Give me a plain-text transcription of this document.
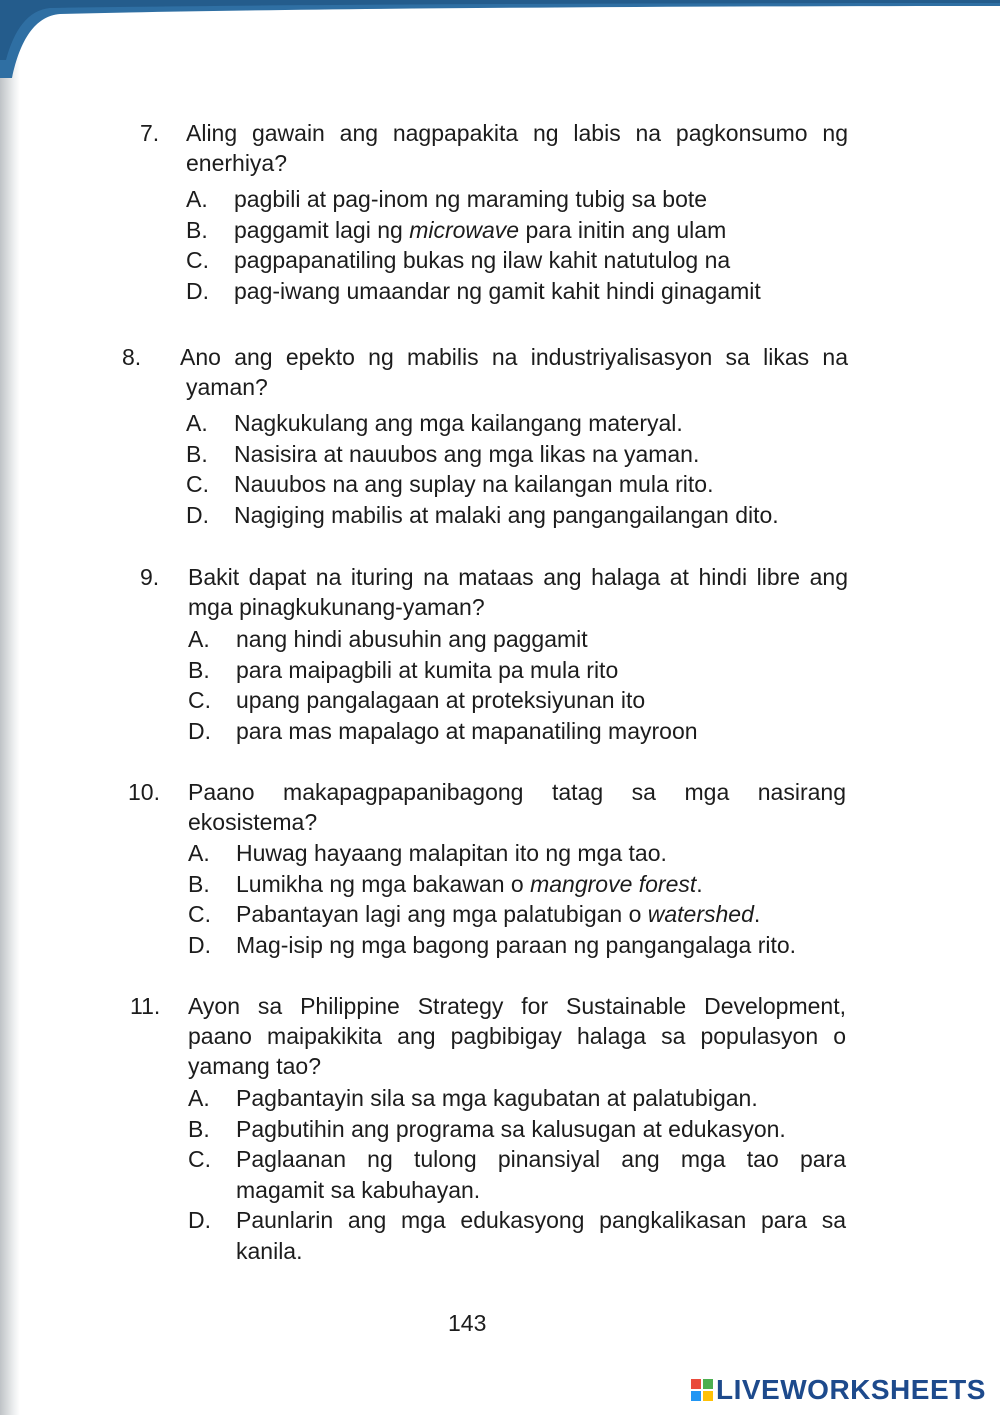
7. Aling gawain ang nagpapakita ng labis na pagkonsumo ng
enerhiya?
A.	pagbili at pag-inom ng maraming tubig sa bote
B.	paggamit lagi ng microwave para initin ang ulam
C.	pagpapanatiling bukas ng ilaw kahit natutulog na
D.	pag-iwang umaandar ng gamit kahit hindi ginagamit
8. Ano ang epekto ng mabilis na industriyalisasyon sa likas na
yaman?
A.	Nagkukulang ang mga kailangang materyal.
B.	Nasisira at nauubos ang mga likas na yaman.
C.	Nauubos na ang suplay na kailangan mula rito.
D.	Nagiging mabilis at malaki ang pangangailangan dito.
9. Bakit dapat na ituring na mataas ang halaga at hindi libre ang
mga pinagkukunang-yaman?
A.	nang hindi abusuhin ang paggamit
B.	para maipagbili at kumita pa mula rito
C.	upang pangalagaan at proteksiyunan ito
D.	para mas mapalago at mapanatiling mayroon
10. Paano makapagpapanibagong tatag sa mga nasirang
ekosistema?
A.	Huwag hayaang malapitan ito ng mga tao.
B.	Lumikha ng mga bakawan o mangrove forest.
C.	Pabantayan lagi ang mga palatubigan o watershed.
D.	Mag-isip ng mga bagong paraan ng pangangalaga rito.
11. Ayon sa Philippine Strategy for Sustainable Development,
paano maipakikita ang pagbibigay halaga sa populasyon o
yamang tao?
A.	Pagbantayin sila sa mga kagubatan at palatubigan.
B.	Pagbutihin ang programa sa kalusugan at edukasyon.
C.	Paglaanan ng tulong pinansiyal ang mga tao para
magamit sa kabuhayan.
D.	Paunlarin ang mga edukasyong pangkalikasan para sa
kanila.
143
LIVEWORKSHEETS
